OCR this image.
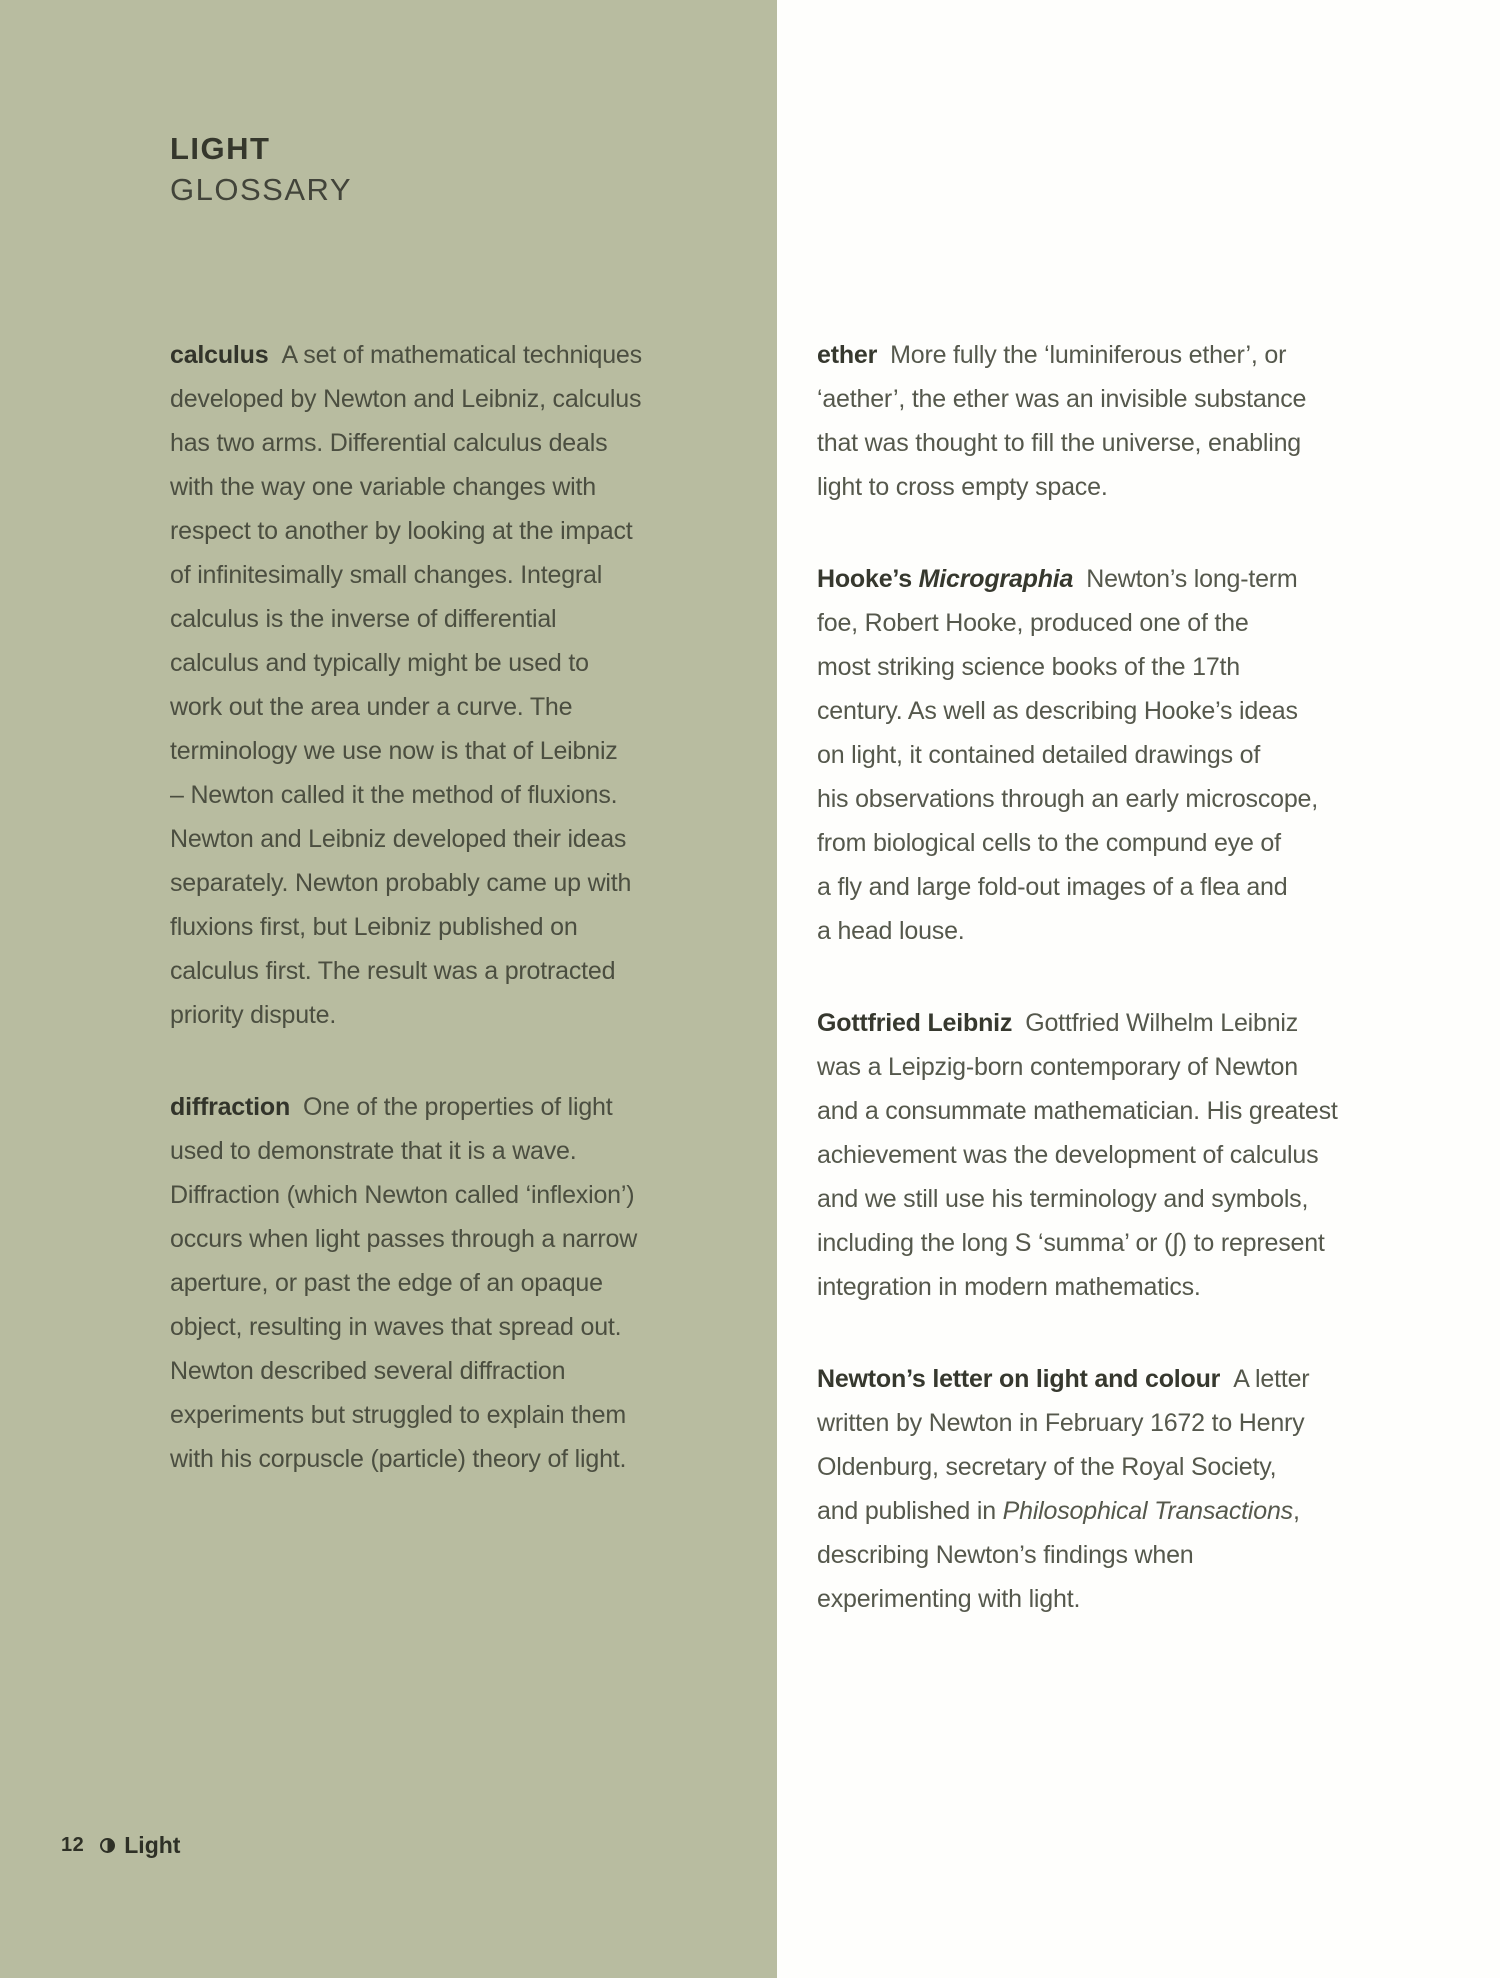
LIGHT
GLOSSARY

calculus A set of mathematical techniques
developed by Newton and Leibniz, calculus
has two arms. Differential calculus deals
with the way one variable changes with
respect to another by looking at the impact
of infinitesimally small changes. Integral
calculus is the inverse of differential
calculus and typically might be used to
work out the area under a curve. The
terminology we use now is that of Leibniz
– Newton called it the method of fluxions.
Newton and Leibniz developed their ideas
separately. Newton probably came up with
fluxions first, but Leibniz published on
calculus first. The result was a protracted
priority dispute.

diffraction One of the properties of light
used to demonstrate that it is a wave.
Diffraction (which Newton called ‘inflexion’)
occurs when light passes through a narrow
aperture, or past the edge of an opaque
object, resulting in waves that spread out.
Newton described several diffraction
experiments but struggled to explain them
with his corpuscle (particle) theory of light.

12 Light

ether More fully the ‘luminiferous ether’, or
‘aether’, the ether was an invisible substance
that was thought to fill the universe, enabling
light to cross empty space.

Hooke’s Micrographia Newton’s long-term
foe, Robert Hooke, produced one of the
most striking science books of the 17th
century. As well as describing Hooke’s ideas
on light, it contained detailed drawings of
his observations through an early microscope,
from biological cells to the compund eye of
a fly and large fold-out images of a flea and
a head louse.

Gottfried Leibniz Gottfried Wilhelm Leibniz
was a Leipzig-born contemporary of Newton
and a consummate mathematician. His greatest
achievement was the development of calculus
and we still use his terminology and symbols,
including the long S ‘summa’ or (∫) to represent
integration in modern mathematics.

Newton’s letter on light and colour A letter
written by Newton in February 1672 to Henry
Oldenburg, secretary of the Royal Society,
and published in Philosophical Transactions,
describing Newton’s findings when
experimenting with light.
